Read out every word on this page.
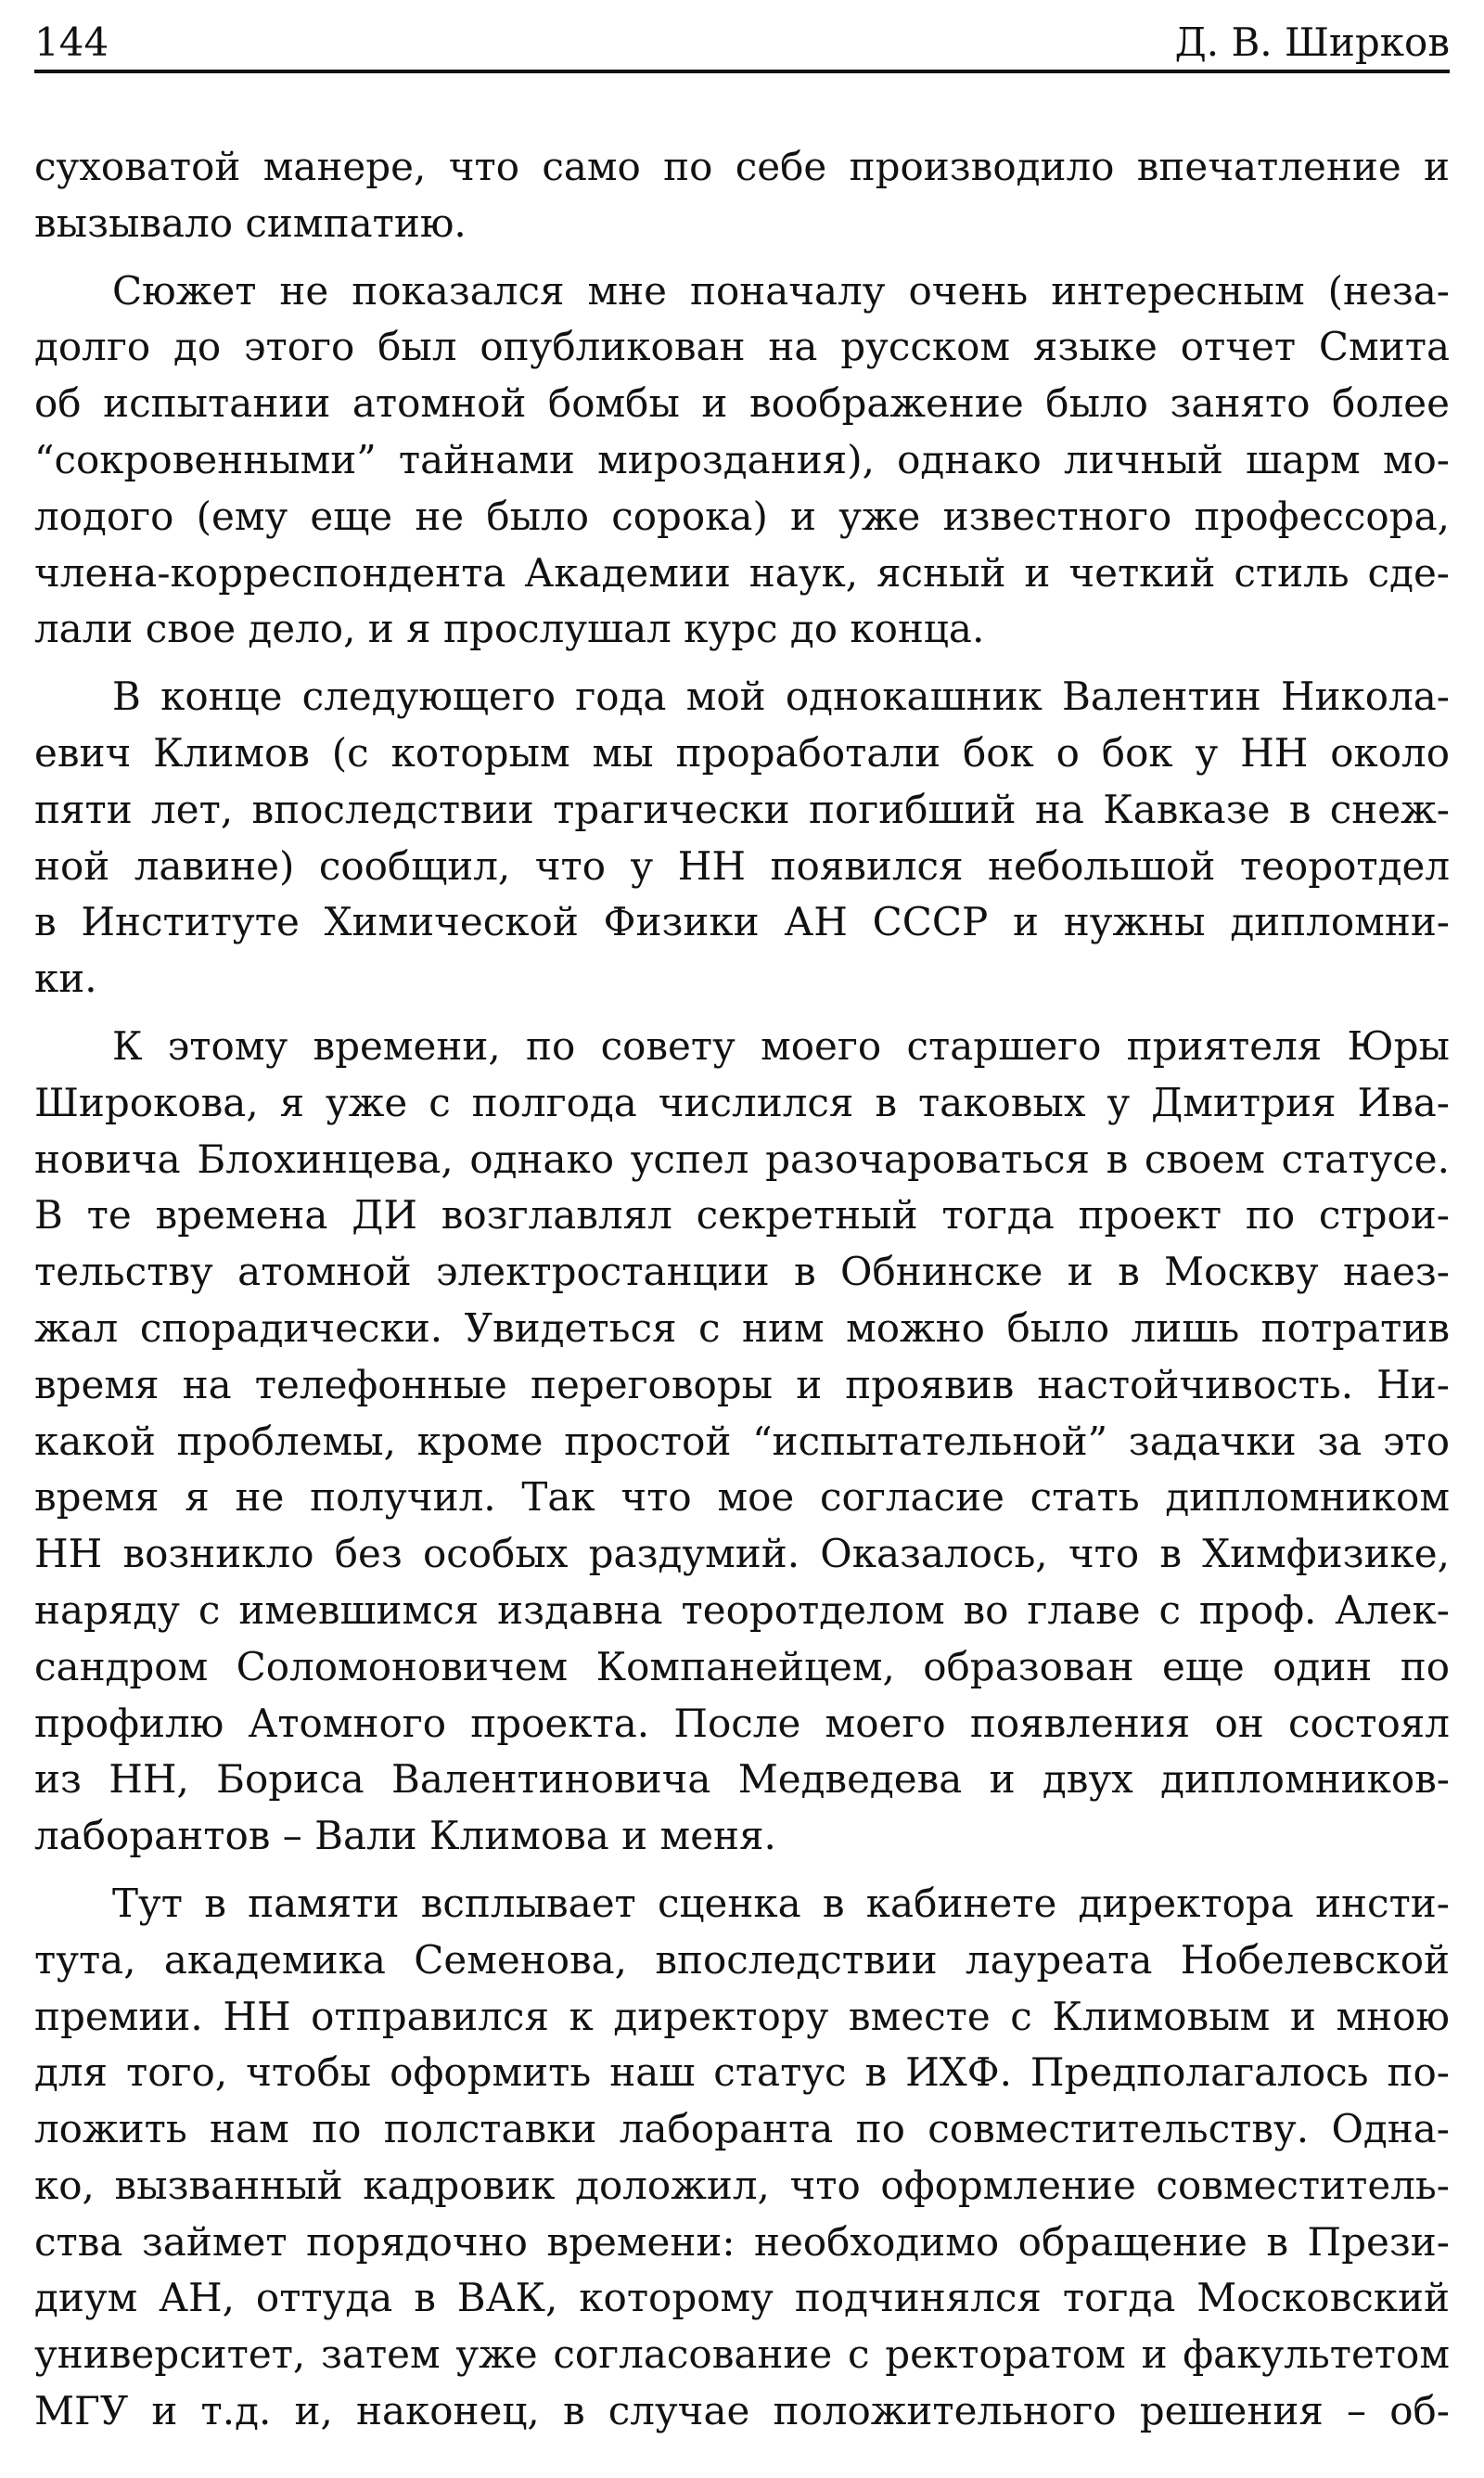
144	Д. В. Ширков
суховатой манере, что само по себе производило впечатление и
вызывало симпатию.
Сюжет не показался мне поначалу очень интересным (неза-
долго до этого был опубликован на русском языке отчет Смита
об испытании атомной бомбы и воображение было занято более
“сокровенными” тайнами мироздания), однако личный шарм мо-
лодого (ему еще не было сорока) и уже известного профессора,
члена-корреспондента Академии наук, ясный и четкий стиль сде-
лали свое дело, и я прослушал курс до конца.
В конце следующего года мой однокашник Валентин Никола-
евич Климов (с которым мы проработали бок о бок у НН около
пяти лет, впоследствии трагически погибший на Кавказе в снеж-
ной лавине) сообщил, что у НН появился небольшой теоротдел
в Институте Химической Физики АН СССР и нужны дипломни-
ки.
К этому времени, по совету моего старшего приятеля Юры
Широкова, я уже с полгода числился в таковых у Дмитрия Ива-
новича Блохинцева, однако успел разочароваться в своем статусе.
В те времена ДИ возглавлял секретный тогда проект по строи-
тельству атомной электростанции в Обнинске и в Москву наез-
жал спорадически. Увидеться с ним можно было лишь потратив
время на телефонные переговоры и проявив настойчивость. Ни-
какой проблемы, кроме простой “испытательной” задачки за это
время я не получил. Так что мое согласие стать дипломником
НН возникло без особых раздумий. Оказалось, что в Химфизике,
наряду с имевшимся издавна теоротделом во главе с проф. Алек-
сандром Соломоновичем Компанейцем, образован еще один по
профилю Атомного проекта. После моего появления он состоял
из НН, Бориса Валентиновича Медведева и двух дипломников-
лаборантов – Вали Климова и меня.
Тут в памяти всплывает сценка в кабинете директора инсти-
тута, академика Семенова, впоследствии лауреата Нобелевской
премии. НН отправился к директору вместе с Климовым и мною
для того, чтобы оформить наш статус в ИХФ. Предполагалось по-
ложить нам по полставки лаборанта по совместительству. Однa-
ко, вызванный кадровик доложил, что оформление совместитель-
ства займет порядочно времени: необходимо обращение в Прези-
диум АН, оттуда в ВАК, которому подчинялся тогда Московский
университет, затем уже согласование с ректоратом и факультетом
МГУ и т.д. и, наконец, в случае положительного решения – об-
